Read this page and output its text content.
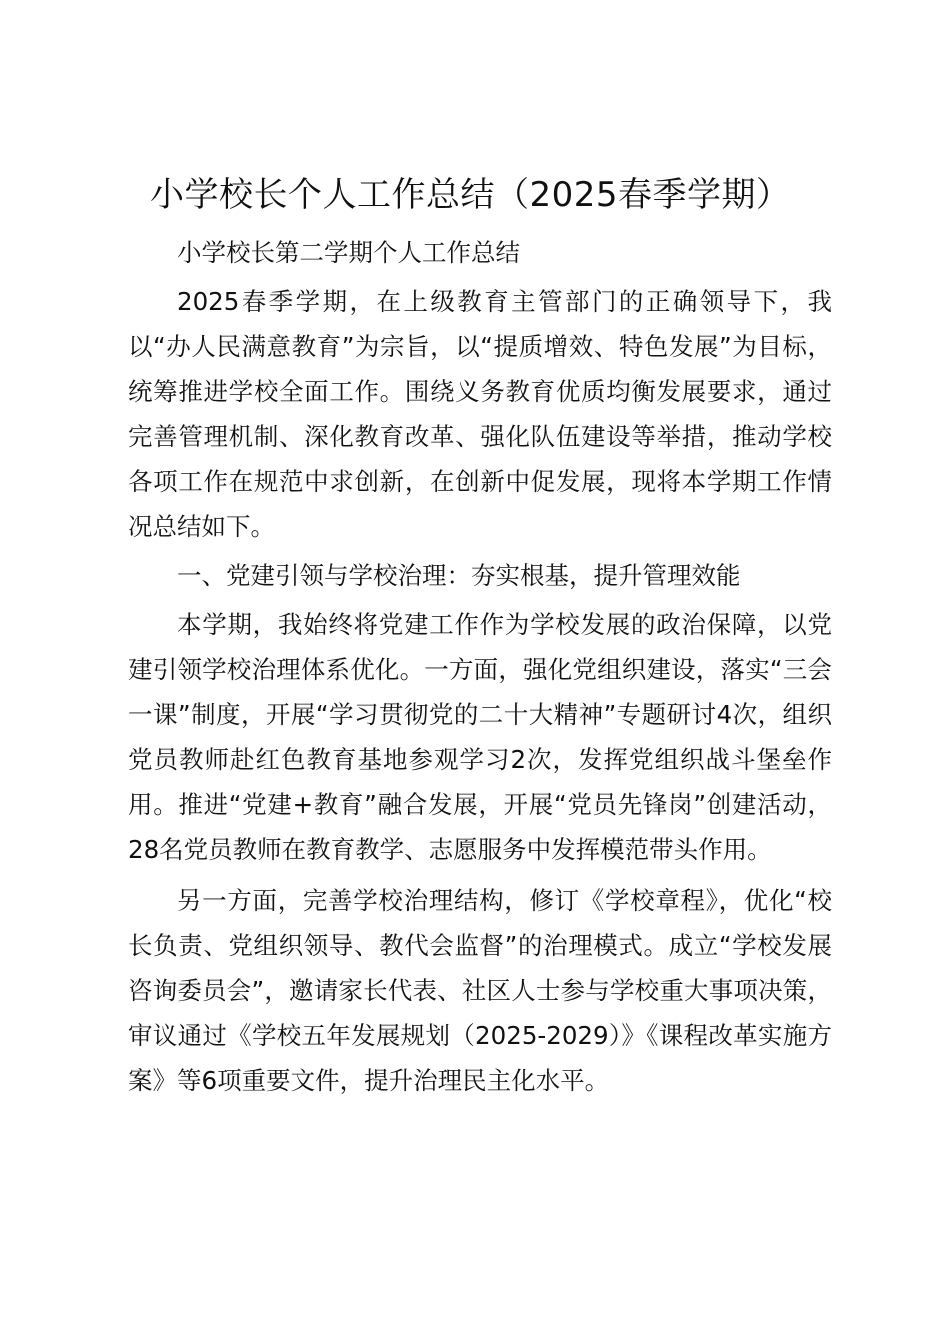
小学校长个人工作总结（2025春季学期）

小学校长第二学期个人工作总结

2025春季学期，在上级教育主管部门的正确领导下，我以“办人民满意教育”为宗旨，以“提质增效、特色发展”为目标，统筹推进学校全面工作。围绕义务教育优质均衡发展要求，通过完善管理机制、深化教育改革、强化队伍建设等举措，推动学校各项工作在规范中求创新，在创新中促发展，现将本学期工作情况总结如下。

一、党建引领与学校治理：夯实根基，提升管理效能

本学期，我始终将党建工作作为学校发展的政治保障，以党建引领学校治理体系优化。一方面，强化党组织建设，落实“三会一课”制度，开展“学习贯彻党的二十大精神”专题研讨4次，组织党员教师赴红色教育基地参观学习2次，发挥党组织战斗堡垒作用。推进“党建+教育”融合发展，开展“党员先锋岗”创建活动，28名党员教师在教育教学、志愿服务中发挥模范带头作用。

另一方面，完善学校治理结构，修订《学校章程》，优化“校长负责、党组织领导、教代会监督”的治理模式。成立“学校发展咨询委员会”，邀请家长代表、社区人士参与学校重大事项决策，审议通过《学校五年发展规划（2025-2029）》《课程改革实施方案》等6项重要文件，提升治理民主化水平。
